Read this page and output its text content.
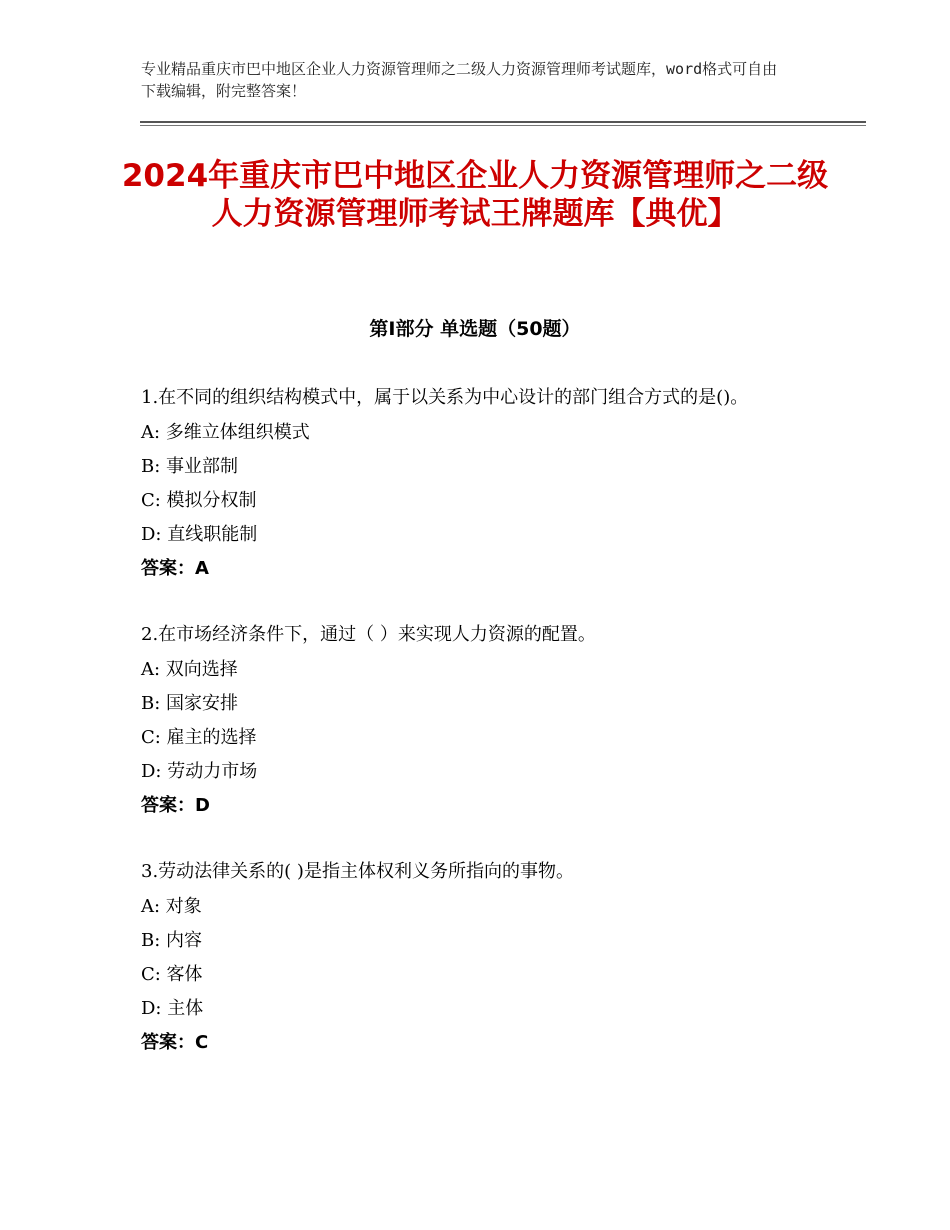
专业精品重庆市巴中地区企业人力资源管理师之二级人力资源管理师考试题库，word格式可自由下载编辑，附完整答案！
2024年重庆市巴中地区企业人力资源管理师之二级人力资源管理师考试王牌题库【典优】
第Ⅰ部分 单选题（50题）
1.在不同的组织结构模式中，属于以关系为中心设计的部门组合方式的是()。
A: 多维立体组织模式
B: 事业部制
C: 模拟分权制
D: 直线职能制
答案：A
2.在市场经济条件下，通过（ ）来实现人力资源的配置。
A: 双向选择
B: 国家安排
C: 雇主的选择
D: 劳动力市场
答案：D
3.劳动法律关系的( )是指主体权利义务所指向的事物。
A: 对象
B: 内容
C: 客体
D: 主体
答案：C
